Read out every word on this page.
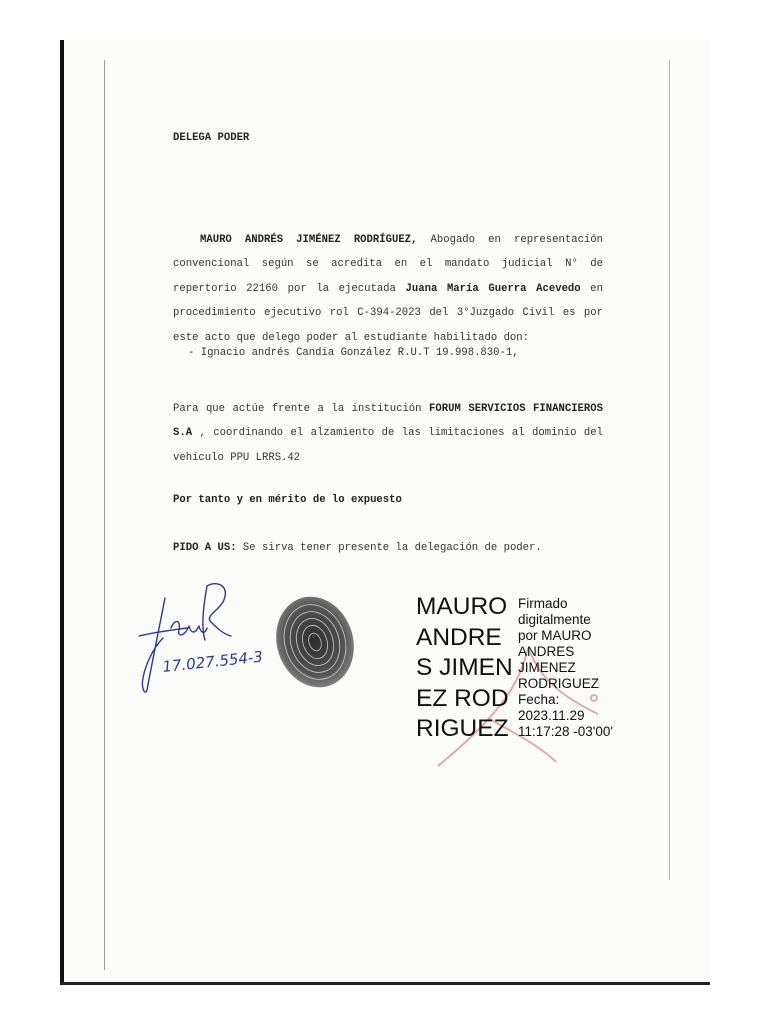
DELEGA PODER
MAURO ANDRÉS JIMÉNEZ RODRÍGUEZ, Abogado en representación convencional según se acredita en el mandato judicial N° de repertorio 22160 por la ejecutada Juana María Guerra Acevedo en procedimiento ejecutivo rol C-394-2023 del 3°Juzgado Civil es por este acto que delego poder al estudiante habilitado don:
- Ignacio andrés Candia González R.U.T 19.998.830-1,
Para que actúe frente a la institución FORUM SERVICIOS FINANCIEROS S.A , coordinando el alzamiento de las limitaciones al dominio del vehículo PPU LRRS.42
Por tanto y en mérito de lo expuesto
PIDO A US: Se sirva tener presente la delegación de poder.
17.027.554-3
MAURO ANDRES JIMENEZ RODRIGUEZ
Firmado
digitalmente
por MAURO
ANDRES
JIMENEZ
RODRIGUEZ
Fecha:
2023.11.29
11:17:28 -03'00'
